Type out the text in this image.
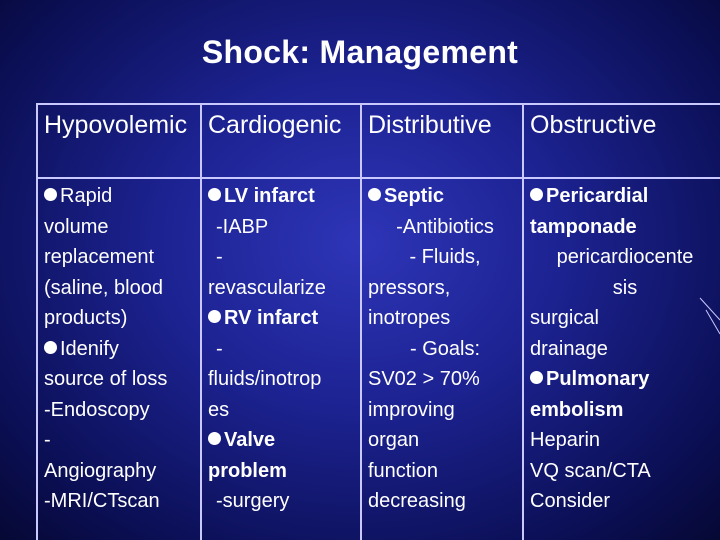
Shock: Management
Hypovolemic
Rapid
volume
replacement
(saline, blood
products)
Idenify
source of loss
-Endoscopy
-
Angiography
-MRI/CTscan
Cardiogenic
LV infarct
-IABP
-
revascularize
RV infarct
-
fluids/inotrop
es
Valve
problem
-surgery
Distributive
Septic
-Antibiotics
- Fluids,
pressors,
inotropes
- Goals:
SV02 > 70%
improving
organ
function
decreasing
Obstructive
Pericardial
tamponade
pericardiocente
sis
surgical
drainage
Pulmonary
embolism
Heparin
VQ scan/CTA
Consider
